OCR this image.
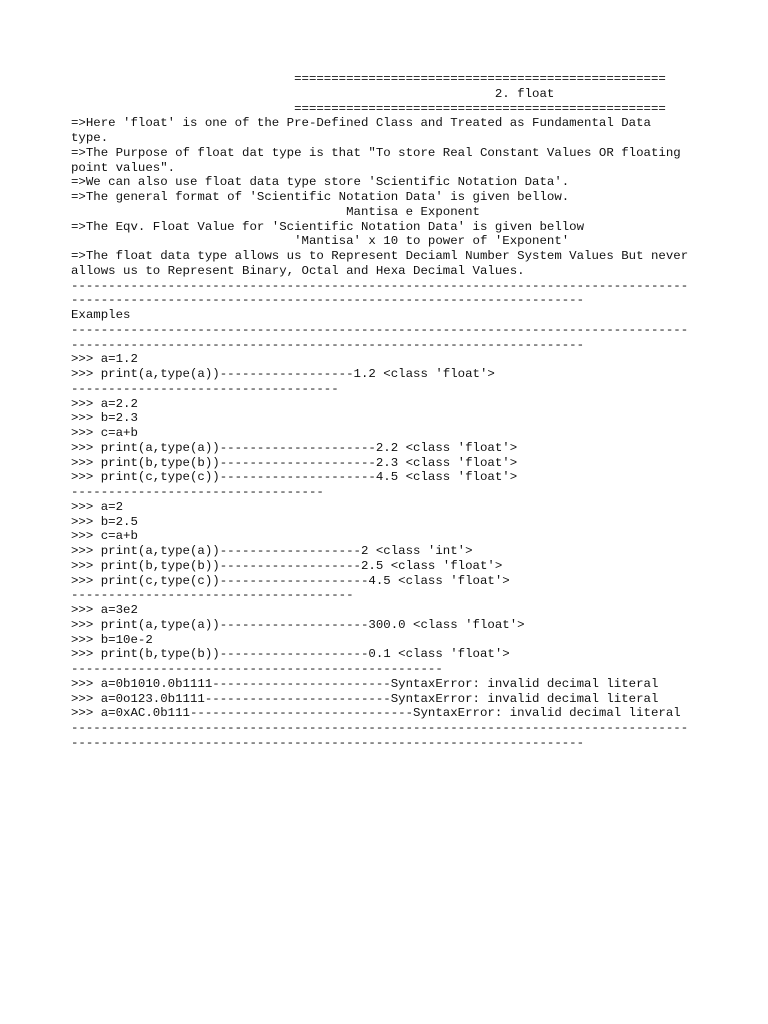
==================================================
2. float
==================================================
=>Here 'float' is one of the Pre-Defined Class and Treated as Fundamental Data
type.
=>The Purpose of float dat type is that "To store Real Constant Values OR floating
point values".
=>We can also use float data type store 'Scientific Notation Data'.
=>The general format of 'Scientific Notation Data' is given bellow.
Mantisa e Exponent
=>The Eqv. Float Value for 'Scientific Notation Data' is given bellow
'Mantisa' x 10 to power of 'Exponent'
=>The float data type allows us to Represent Deciaml Number System Values But never
allows us to Represent Binary, Octal and Hexa Decimal Values.
-----------------------------------------------------------------------------------
---------------------------------------------------------------------
Examples
-----------------------------------------------------------------------------------
---------------------------------------------------------------------
>>> a=1.2
>>> print(a,type(a))------------------1.2 <class 'float'>
------------------------------------
>>> a=2.2
>>> b=2.3
>>> c=a+b
>>> print(a,type(a))---------------------2.2 <class 'float'>
>>> print(b,type(b))---------------------2.3 <class 'float'>
>>> print(c,type(c))---------------------4.5 <class 'float'>
----------------------------------
>>> a=2
>>> b=2.5
>>> c=a+b
>>> print(a,type(a))-------------------2 <class 'int'>
>>> print(b,type(b))-------------------2.5 <class 'float'>
>>> print(c,type(c))--------------------4.5 <class 'float'>
--------------------------------------
>>> a=3e2
>>> print(a,type(a))--------------------300.0 <class 'float'>
>>> b=10e-2
>>> print(b,type(b))--------------------0.1 <class 'float'>
--------------------------------------------------
>>> a=0b1010.0b1111------------------------SyntaxError: invalid decimal literal
>>> a=0o123.0b1111-------------------------SyntaxError: invalid decimal literal
>>> a=0xAC.0b111------------------------------SyntaxError: invalid decimal literal
-----------------------------------------------------------------------------------
---------------------------------------------------------------------
